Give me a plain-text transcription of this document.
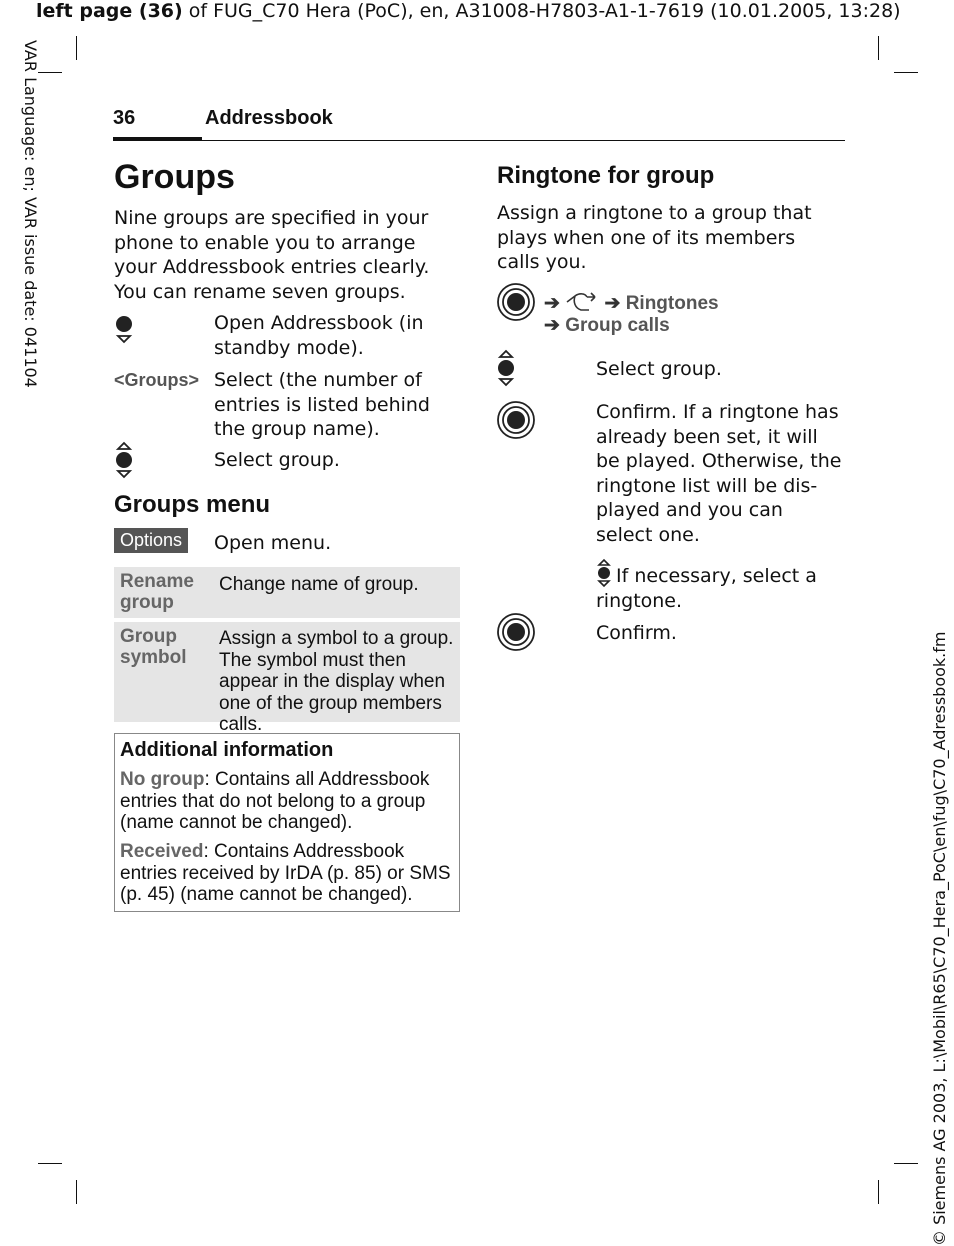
left page (36) of FUG_C70 Hera (PoC), en, A31008-H7803-A1-1-7619 (10.01.2005, 13:28)
VAR Language: en; VAR issue date: 041104
© Siemens AG 2003, L:\Mobil\R65\C70_Hera_PoC\en\fug\C70_Adressbook.fm
36	Addressbook
Groups

Nine groups are specified in your phone to enable you to arrange your Addressbook entries clearly. You can rename seven groups.

Open Addressbook (in standby mode).

<Groups> Select (the number of entries is listed behind the group name).

Select group.

Groups menu
Options	Open menu.

Rename group
Change name of group.
Group symbol
Assign a symbol to a group. The symbol must then appear in the display when one of the group members calls.
Additional information
No group: Contains all Addressbook entries that do not belong to a group (name cannot be changed).
Received: Contains Addressbook entries received by IrDA (p. 85) or SMS (p. 45) (name cannot be changed).
Ringtone for group

Assign a ringtone to a group that plays when one of its members calls you.

➔ ➔ Ringtones
➔ Group calls

Select group.

Confirm. If a ringtone has already been set, it will be played. Otherwise, the ringtone list will be dis-played and you can select one.

If necessary, select a ringtone.

Confirm.
